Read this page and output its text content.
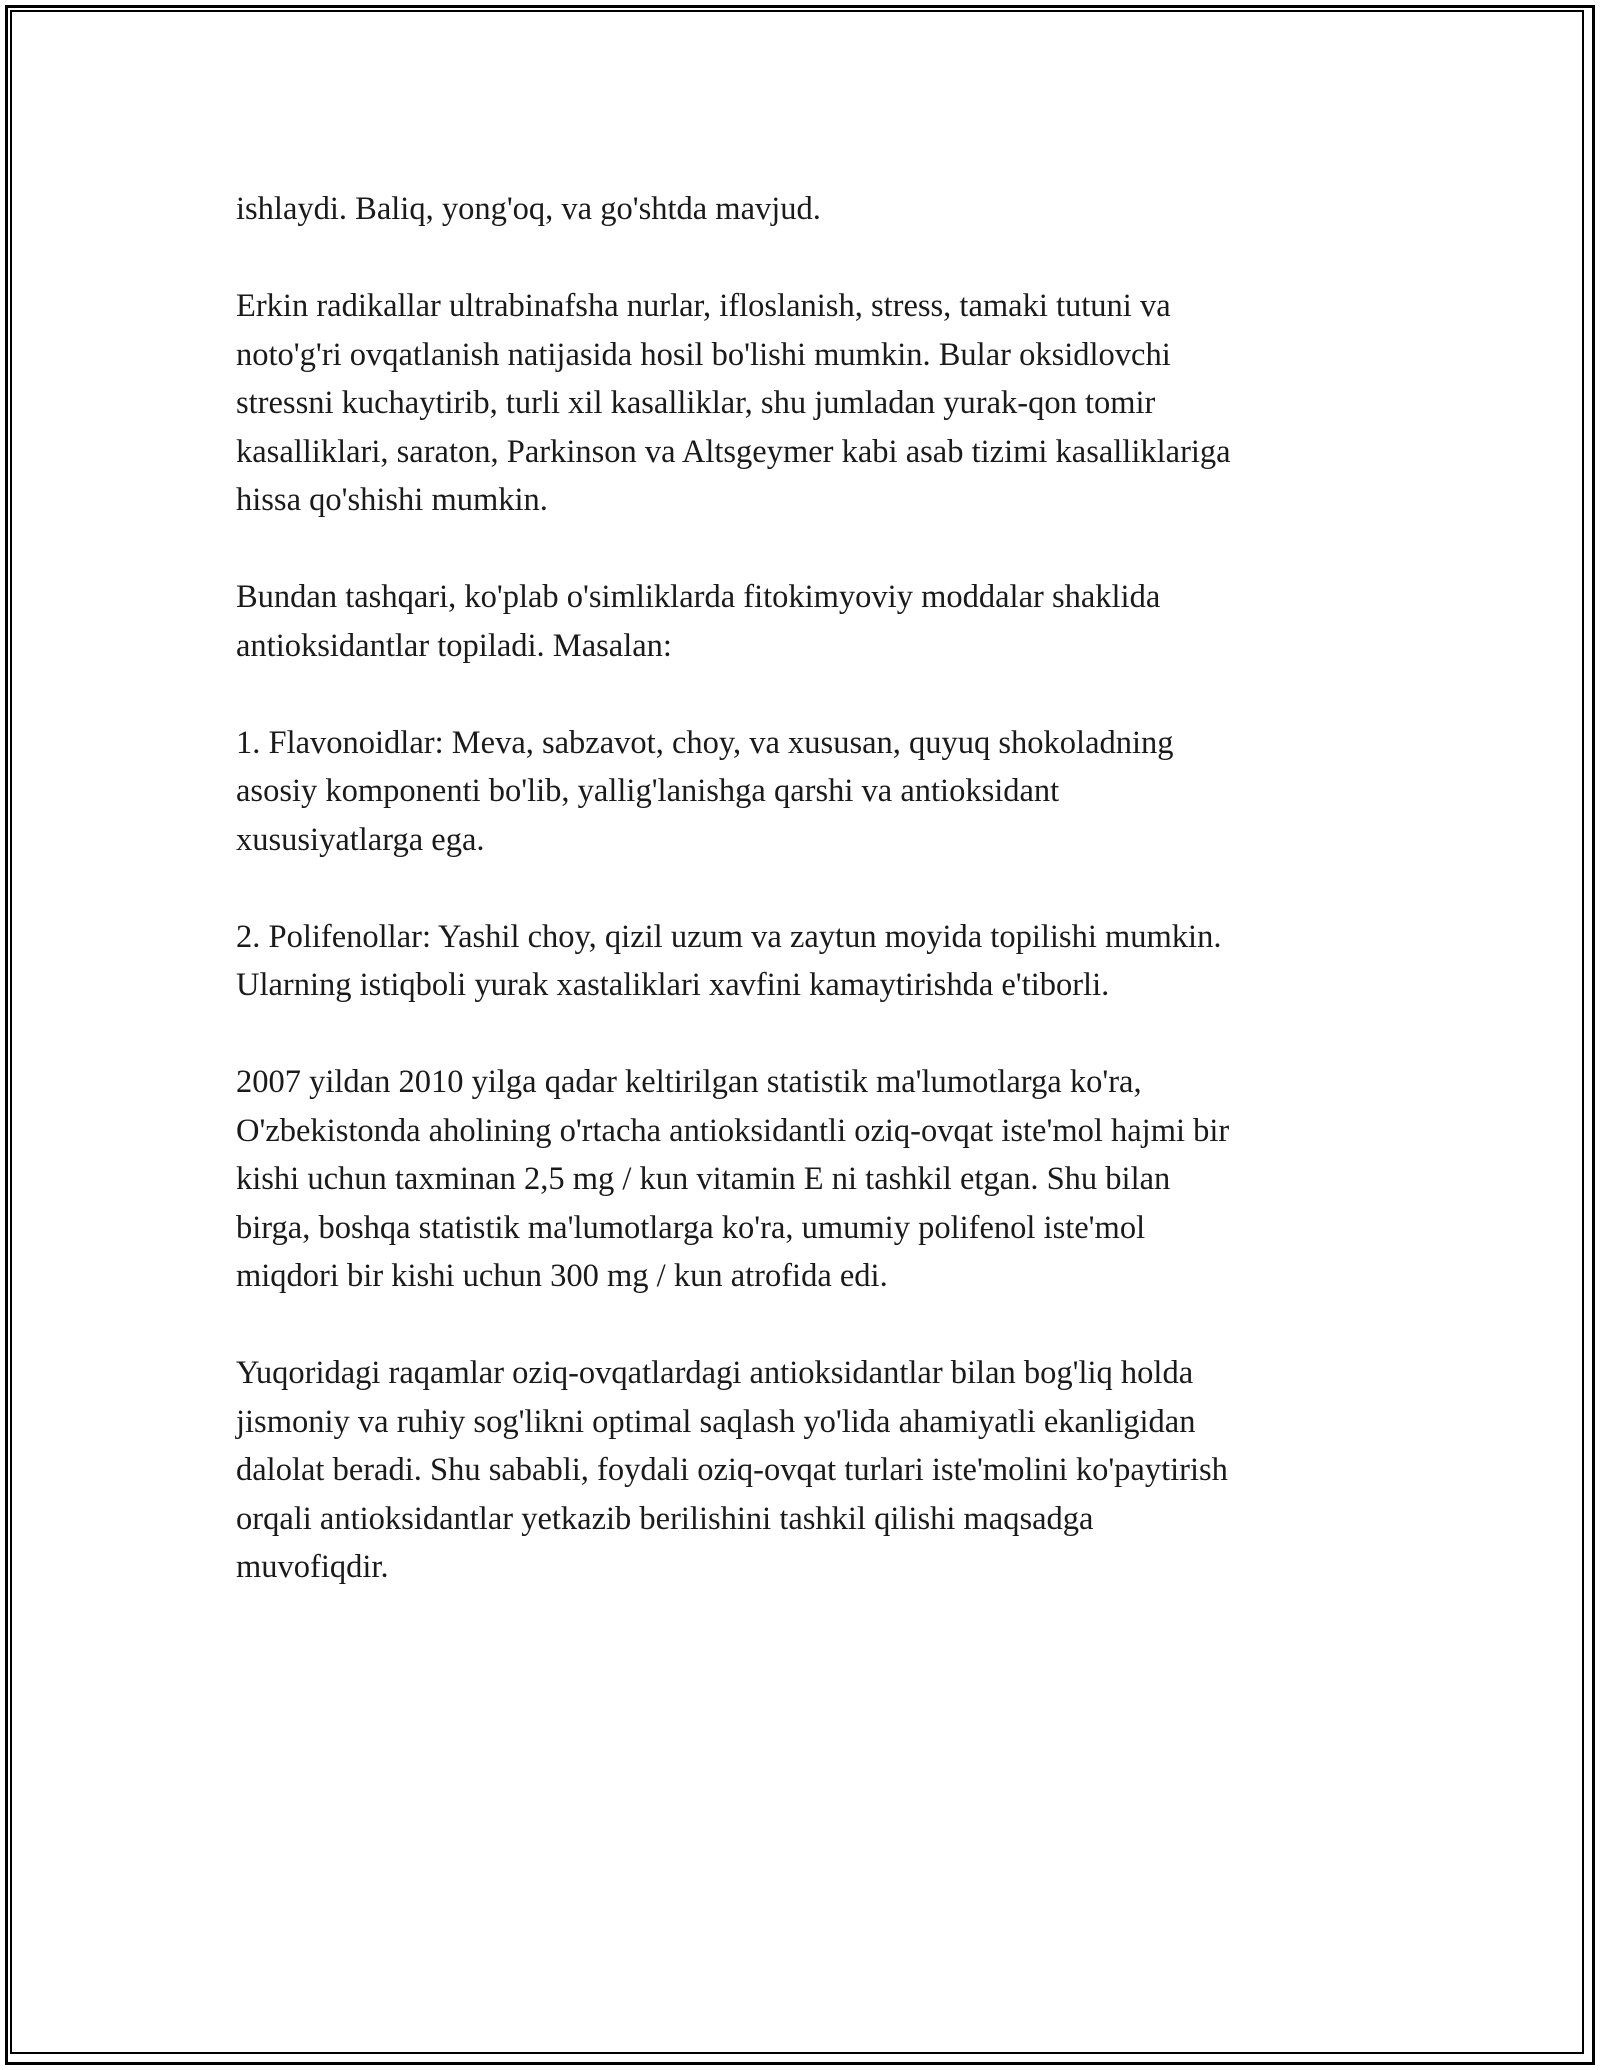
ishlaydi. Baliq, yong'oq, va go'shtda mavjud.

Erkin radikallar ultrabinafsha nurlar, ifloslanish, stress, tamaki tutuni va
noto'g'ri ovqatlanish natijasida hosil bo'lishi mumkin. Bular oksidlovchi
stressni kuchaytirib, turli xil kasalliklar, shu jumladan yurak-qon tomir
kasalliklari, saraton, Parkinson va Altsgeymer kabi asab tizimi kasalliklariga
hissa qo'shishi mumkin.

Bundan tashqari, ko'plab o'simliklarda fitokimyoviy moddalar shaklida
antioksidantlar topiladi. Masalan:

1. Flavonoidlar: Meva, sabzavot, choy, va xususan, quyuq shokoladning
asosiy komponenti bo'lib, yallig'lanishga qarshi va antioksidant
xususiyatlarga ega.

2. Polifenollar: Yashil choy, qizil uzum va zaytun moyida topilishi mumkin.
Ularning istiqboli yurak xastaliklari xavfini kamaytirishda e'tiborli.

2007 yildan 2010 yilga qadar keltirilgan statistik ma'lumotlarga ko'ra,
O'zbekistonda aholining o'rtacha antioksidantli oziq-ovqat iste'mol hajmi bir
kishi uchun taxminan 2,5 mg / kun vitamin E ni tashkil etgan. Shu bilan
birga, boshqa statistik ma'lumotlarga ko'ra, umumiy polifenol iste'mol
miqdori bir kishi uchun 300 mg / kun atrofida edi.

Yuqoridagi raqamlar oziq-ovqatlardagi antioksidantlar bilan bog'liq holda
jismoniy va ruhiy sog'likni optimal saqlash yo'lida ahamiyatli ekanligidan
dalolat beradi. Shu sababli, foydali oziq-ovqat turlari iste'molini ko'paytirish
orqali antioksidantlar yetkazib berilishini tashkil qilishi maqsadga
muvofiqdir.
